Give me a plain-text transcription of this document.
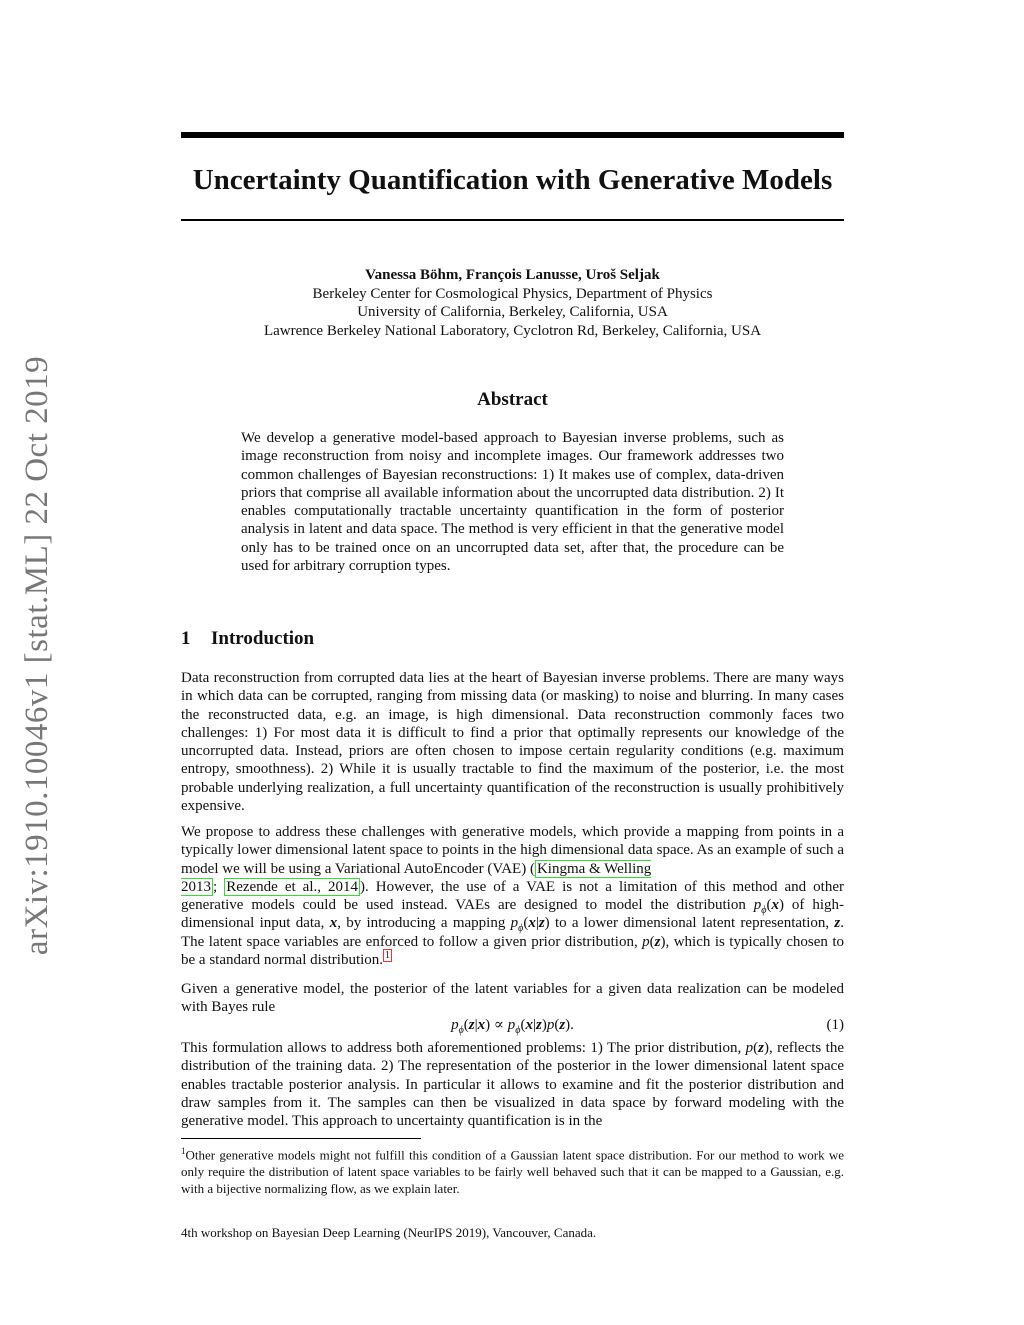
arXiv:1910.10046v1 [stat.ML] 22 Oct 2019
Uncertainty Quantification with Generative Models
Vanessa Böhm, François Lanusse, Uroš Seljak
Berkeley Center for Cosmological Physics, Department of Physics
University of California, Berkeley, California, USA
Lawrence Berkeley National Laboratory, Cyclotron Rd, Berkeley, California, USA
Abstract

We develop a generative model-based approach to Bayesian inverse problems, such as image reconstruction from noisy and incomplete images. Our framework addresses two common challenges of Bayesian reconstructions: 1) It makes use of complex, data-driven priors that comprise all available information about the uncorrupted data distribution. 2) It enables computationally tractable uncertainty quantification in the form of posterior analysis in latent and data space. The method is very efficient in that the generative model only has to be trained once on an uncorrupted data set, after that, the procedure can be used for arbitrary corruption types.

1 Introduction

Data reconstruction from corrupted data lies at the heart of Bayesian inverse problems. There are many ways in which data can be corrupted, ranging from missing data (or masking) to noise and blurring. In many cases the reconstructed data, e.g. an image, is high dimensional. Data reconstruction commonly faces two challenges: 1) For most data it is difficult to find a prior that optimally represents our knowledge of the uncorrupted data. Instead, priors are often chosen to impose certain regularity conditions (e.g. maximum entropy, smoothness). 2) While it is usually tractable to find the maximum of the posterior, i.e. the most probable underlying realization, a full uncertainty quantification of the reconstruction is usually prohibitively expensive.

We propose to address these challenges with generative models, which provide a mapping from points in a typically lower dimensional latent space to points in the high dimensional data space. As an example of such a model we will be using a Variational AutoEncoder (VAE) ( Kingma & Welling
2013 ; Rezende et al., 2014 ). However, the use of a VAE is not a limitation of this method and other generative models could be used instead. VAEs are designed to model the distribution $p_\phi(x)$ of high-dimensional input data, x, by introducing a mapping $p_\phi(x|z)$ to a lower dimensional latent representation, z. The latent space variables are enforced to follow a given prior distribution, p(z), which is typically chosen to be a standard normal distribution. $^1$

Given a generative model, the posterior of the latent variables for a given data realization can be modeled with Bayes rule

$p_\phi(z|x) \propto p_\phi(x|z)p(z)$.	(1)

This formulation allows to address both aforementioned problems: 1) The prior distribution, p(z), reflects the distribution of the training data. 2) The representation of the posterior in the lower dimensional latent space enables tractable posterior analysis. In particular it allows to examine and fit the posterior distribution and draw samples from it. The samples can then be visualized in data space by forward modeling with the generative model. This approach to uncertainty quantification is in the

$^1$Other generative models might not fulfill this condition of a Gaussian latent space distribution. For our method to work we only require the distribution of latent space variables to be fairly well behaved such that it can be mapped to a Gaussian, e.g. with a bijective normalizing flow, as we explain later.

4th workshop on Bayesian Deep Learning (NeurIPS 2019), Vancouver, Canada.
